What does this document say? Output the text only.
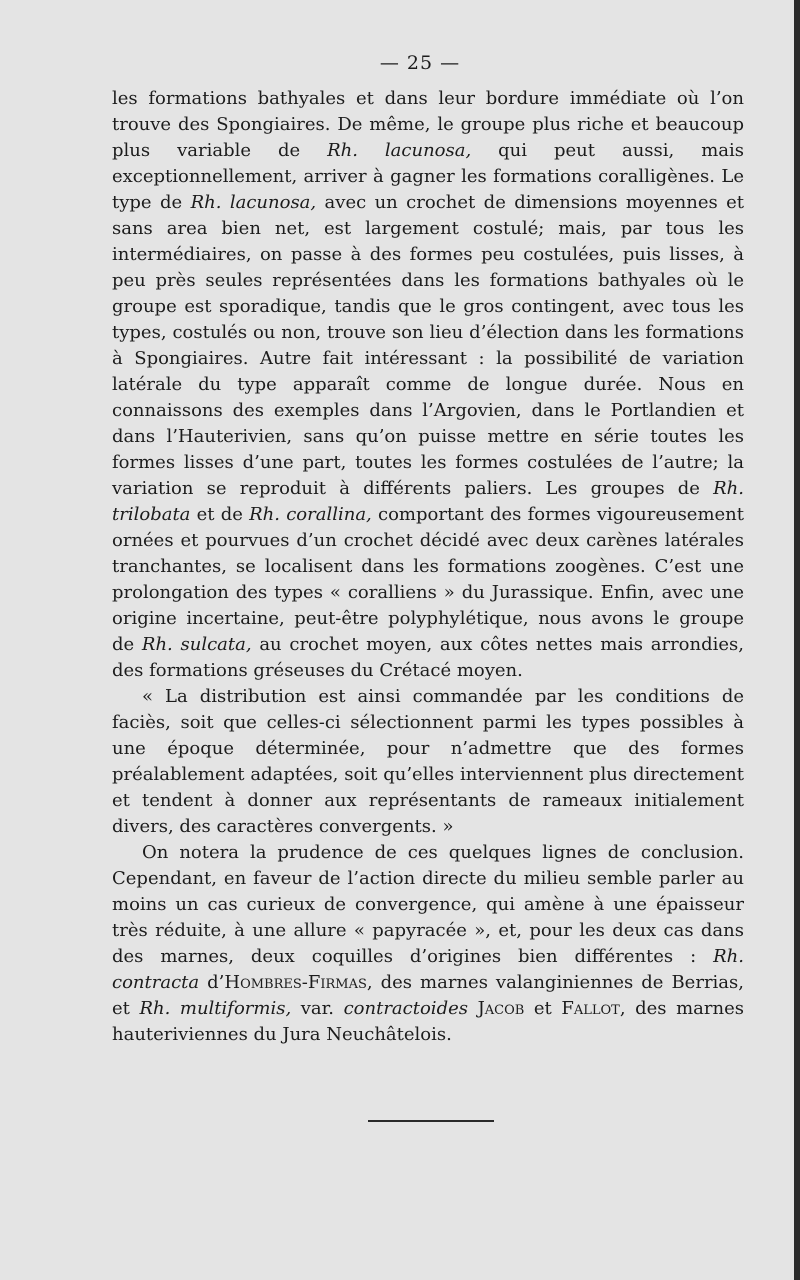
— 25 —

les formations bathyales et dans leur bordure immédiate où l’on trouve des Spongiaires. De même, le groupe plus riche et beaucoup plus variable de Rh. lacunosa, qui peut aussi, mais exceptionnellement, arriver à gagner les formations coralligènes. Le type de Rh. lacunosa, avec un crochet de dimensions moyennes et sans area bien net, est largement costulé; mais, par tous les intermédiaires, on passe à des formes peu costulées, puis lisses, à peu près seules représentées dans les formations bathyales où le groupe est sporadique, tandis que le gros contingent, avec tous les types, costulés ou non, trouve son lieu d’élection dans les formations à Spongiaires. Autre fait intéressant : la possibilité de variation latérale du type apparaît comme de longue durée. Nous en connaissons des exemples dans l’Argovien, dans le Portlandien et dans l’Hauterivien, sans qu’on puisse mettre en série toutes les formes lisses d’une part, toutes les formes costulées de l’autre; la variation se reproduit à différents paliers. Les groupes de Rh. trilobata et de Rh. corallina, comportant des formes vigoureusement ornées et pourvues d’un crochet décidé avec deux carènes latérales tranchantes, se localisent dans les formations zoogènes. C’est une prolongation des types « coralliens » du Jurassique. Enfin, avec une origine incertaine, peut-être polyphylétique, nous avons le groupe de Rh. sulcata, au crochet moyen, aux côtes nettes mais arrondies, des formations gréseuses du Crétacé moyen.

« La distribution est ainsi commandée par les conditions de faciès, soit que celles-ci sélectionnent parmi les types possibles à une époque déterminée, pour n’admettre que des formes préalablement adaptées, soit qu’elles interviennent plus directement et tendent à donner aux représentants de rameaux initialement divers, des caractères convergents. »

On notera la prudence de ces quelques lignes de conclusion. Cependant, en faveur de l’action directe du milieu semble parler au moins un cas curieux de convergence, qui amène à une épaisseur très réduite, à une allure « papyracée », et, pour les deux cas dans des marnes, deux coquilles d’origines bien différentes : Rh. contracta d’Hombres-Firmas, des marnes valanginiennes de Berrias, et Rh. multiformis, var. contractoides Jacob et Fallot, des marnes hauteriviennes du Jura Neuchâtelois.
